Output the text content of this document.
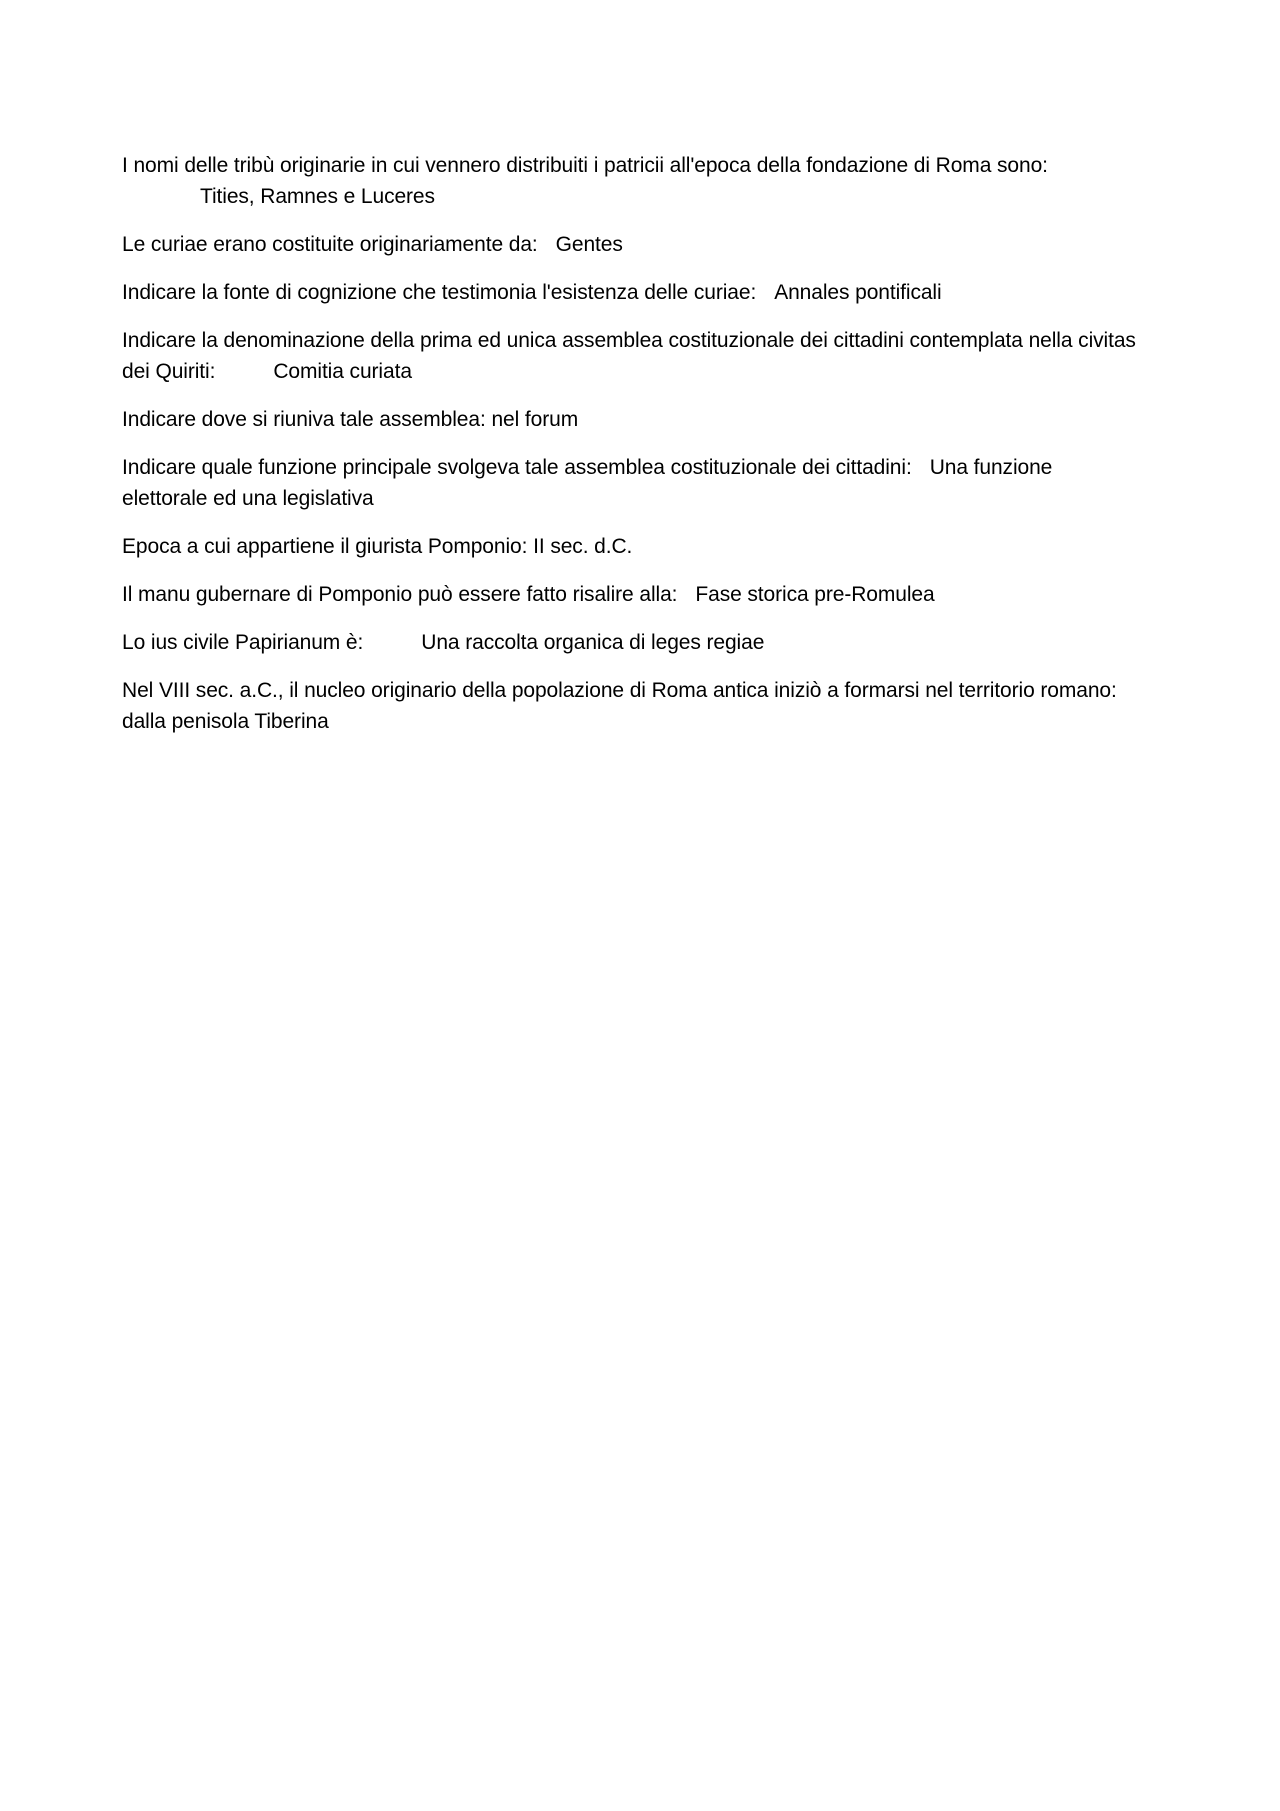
I nomi delle tribù originarie in cui vennero distribuiti i patricii all'epoca della fondazione di Roma sono:
Tities, Ramnes e Luceres

Le curiae erano costituite originariamente da: Gentes

Indicare la fonte di cognizione che testimonia l'esistenza delle curiae: Annales pontificali

Indicare la denominazione della prima ed unica assemblea costituzionale dei cittadini contemplata nella civitas dei Quiriti:	Comitia curiata

Indicare dove si riuniva tale assemblea: nel forum

Indicare quale funzione principale svolgeva tale assemblea costituzionale dei cittadini: Una funzione elettorale ed una legislativa

Epoca a cui appartiene il giurista Pomponio: II sec. d.C.

Il manu gubernare di Pomponio può essere fatto risalire alla: Fase storica pre-Romulea

Lo ius civile Papirianum è:	Una raccolta organica di leges regiae

Nel VIII sec. a.C., il nucleo originario della popolazione di Roma antica iniziò a formarsi nel territorio romano: dalla penisola Tiberina
